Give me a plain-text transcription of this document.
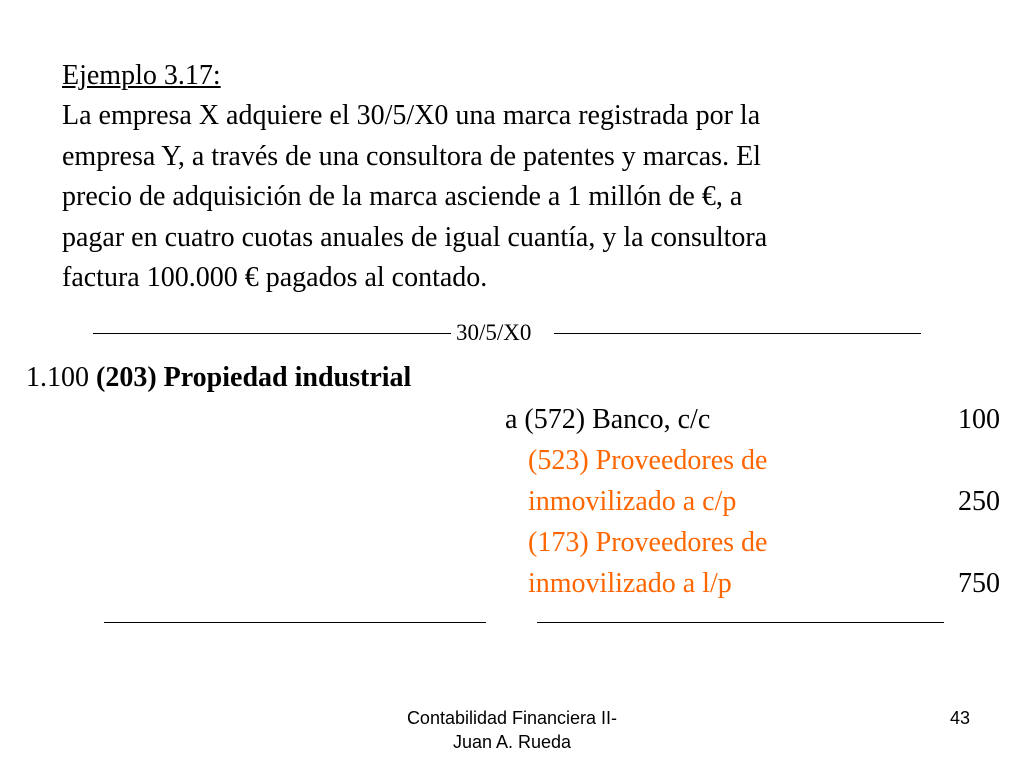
Ejemplo 3.17:
La empresa X adquiere el 30/5/X0 una marca registrada por la
empresa Y, a través de una consultora de patentes y marcas. El
precio de adquisición de la marca asciende a 1 millón de €, a
pagar en cuatro cuotas anuales de igual cuantía, y la consultora
factura 100.000 € pagados al contado.
30/5/X0
1.100 (203) Propiedad industrial
a (572) Banco, c/c	100
(523) Proveedores de
inmovilizado a c/p	250
(173) Proveedores de
inmovilizado a l/p	750
Contabilidad Financiera II-
Juan A. Rueda
43
